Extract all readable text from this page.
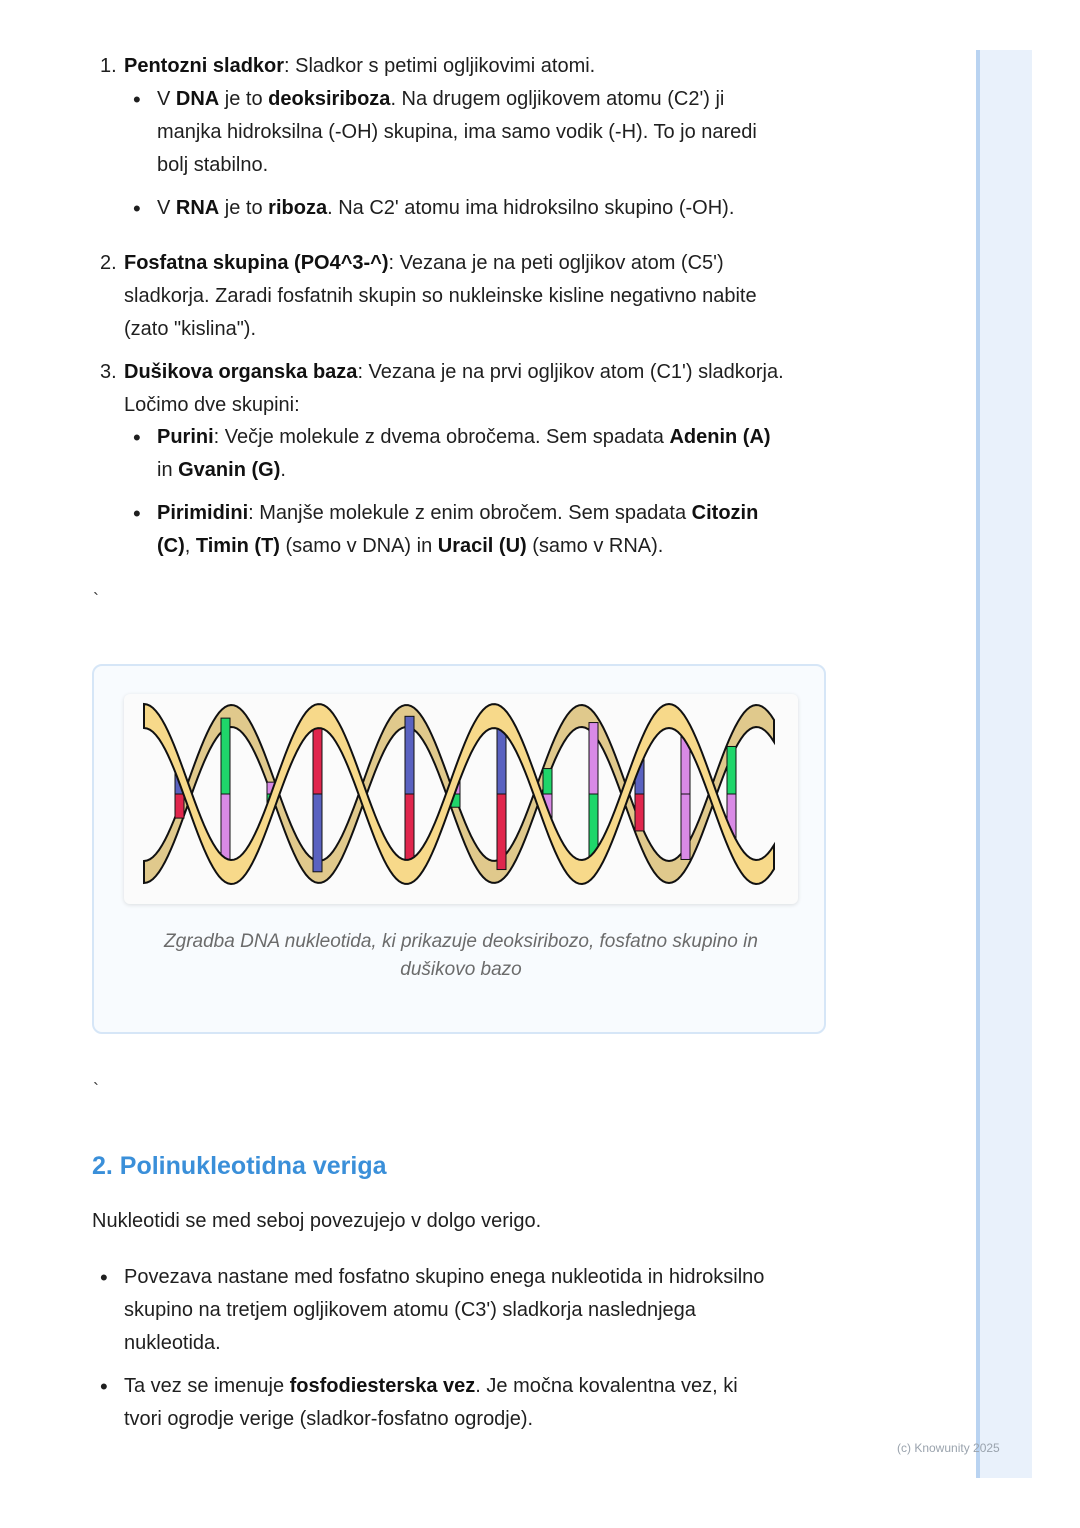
(c) Knowunity 2025
1. Pentozni sladkor: Sladkor s petimi ogljikovimi atomi.
• V DNA je to deoksiriboza. Na drugem ogljikovem atomu (C2') ji
manjka hidroksilna (-OH) skupina, ima samo vodik (-H). To jo naredi
bolj stabilno.
• V RNA je to riboza. Na C2' atomu ima hidroksilno skupino (-OH).
2. Fosfatna skupina (PO4^3-^): Vezana je na peti ogljikov atom (C5')
sladkorja. Zaradi fosfatnih skupin so nukleinske kisline negativno nabite
(zato "kislina").
3. Dušikova organska baza: Vezana je na prvi ogljikov atom (C1') sladkorja.
Ločimo dve skupini:
• Purini: Večje molekule z dvema obročema. Sem spadata Adenin (A)
in Gvanin (G).
• Pirimidini: Manjše molekule z enim obročem. Sem spadata Citozin
(C), Timin (T) (samo v DNA) in Uracil (U) (samo v RNA).
`
Zgradba DNA nukleotida, ki prikazuje deoksiribozo, fosfatno skupino in
dušikovo bazo
`
2. Polinukleotidna veriga
Nukleotidi se med seboj povezujejo v dolgo verigo.
• Povezava nastane med fosfatno skupino enega nukleotida in hidroksilno
skupino na tretjem ogljikovem atomu (C3') sladkorja naslednjega
nukleotida.
• Ta vez se imenuje fosfodiesterska vez. Je močna kovalentna vez, ki
tvori ogrodje verige (sladkor-fosfatno ogrodje).
